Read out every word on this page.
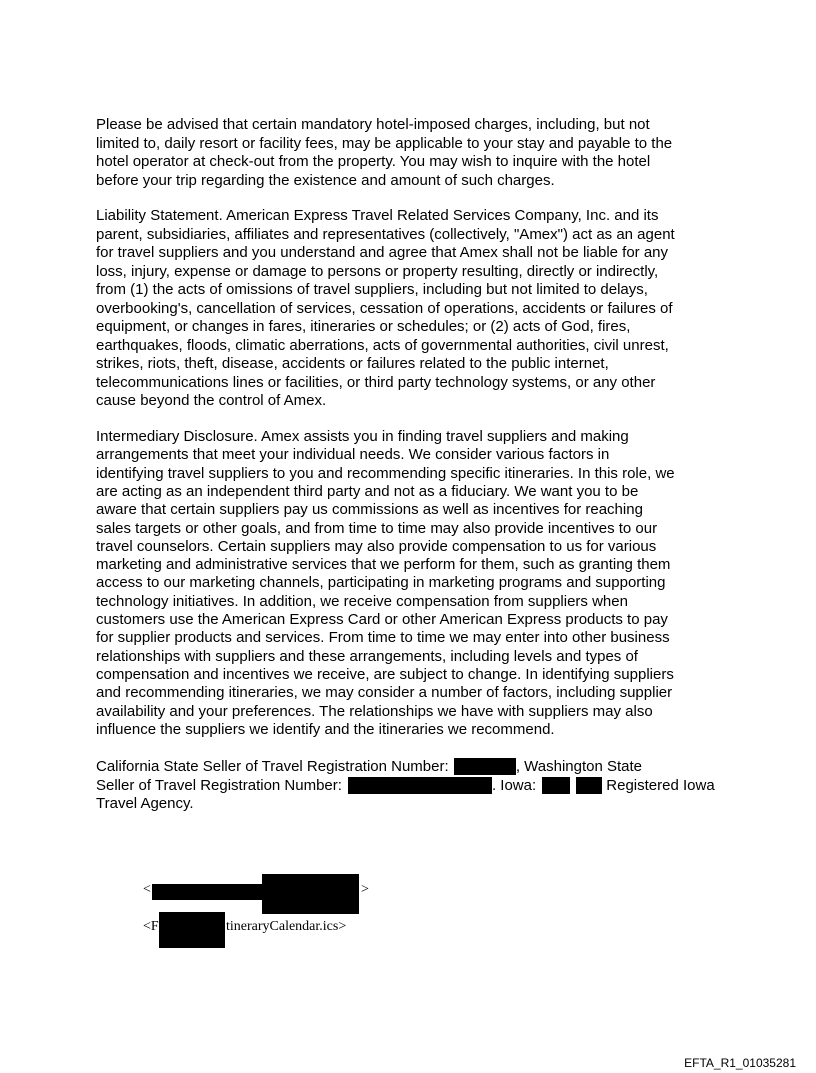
Please be advised that certain mandatory hotel-imposed charges, including, but not
limited to, daily resort or facility fees, may be applicable to your stay and payable to the
hotel operator at check-out from the property. You may wish to inquire with the hotel
before your trip regarding the existence and amount of such charges.
Liability Statement. American Express Travel Related Services Company, Inc. and its
parent, subsidiaries, affiliates and representatives (collectively, "Amex") act as an agent
for travel suppliers and you understand and agree that Amex shall not be liable for any
loss, injury, expense or damage to persons or property resulting, directly or indirectly,
from (1) the acts of omissions of travel suppliers, including but not limited to delays,
overbooking's, cancellation of services, cessation of operations, accidents or failures of
equipment, or changes in fares, itineraries or schedules; or (2) acts of God, fires,
earthquakes, floods, climatic aberrations, acts of governmental authorities, civil unrest,
strikes, riots, theft, disease, accidents or failures related to the public internet,
telecommunications lines or facilities, or third party technology systems, or any other
cause beyond the control of Amex.
Intermediary Disclosure. Amex assists you in finding travel suppliers and making
arrangements that meet your individual needs. We consider various factors in
identifying travel suppliers to you and recommending specific itineraries. In this role, we
are acting as an independent third party and not as a fiduciary. We want you to be
aware that certain suppliers pay us commissions as well as incentives for reaching
sales targets or other goals, and from time to time may also provide incentives to our
travel counselors. Certain suppliers may also provide compensation to us for various
marketing and administrative services that we perform for them, such as granting them
access to our marketing channels, participating in marketing programs and supporting
technology initiatives. In addition, we receive compensation from suppliers when
customers use the American Express Card or other American Express products to pay
for supplier products and services. From time to time we may enter into other business
relationships with suppliers and these arrangements, including levels and types of
compensation and incentives we receive, are subject to change. In identifying suppliers
and recommending itineraries, we may consider a number of factors, including supplier
availability and your preferences. The relationships we have with suppliers may also
influence the suppliers we identify and the itineraries we recommend.
California State Seller of Travel Registration Number:	, Washington State
Seller of Travel Registration Number:	. Iowa:	Registered Iowa
Travel Agency.
<	>
<F	tineraryCalendar.ics>
EFTA_R1_01035281
